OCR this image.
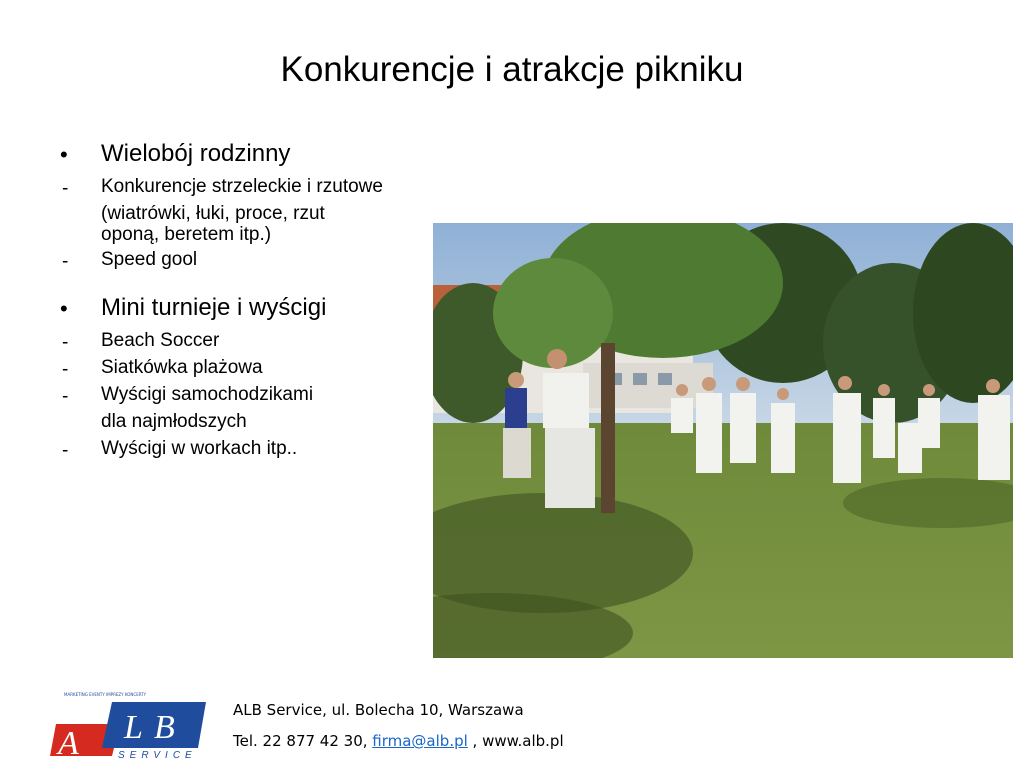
Konkurencje i atrakcje pikniku
• Wielobój rodzinny
- Konkurencje strzeleckie i rzutowe
(wiatrówki, łuki, proce, rzut
oponą, beretem itp.)
- Speed gool
• Mini turnieje i wyścigi
- Beach Soccer
- Siatkówka plażowa
- Wyścigi samochodzikami
dla najmłodszych
- Wyścigi w workach itp..
MARKETING EVENTY IMPREZY KONCERTY
A L B
SERVICE
ALB Service, ul. Bolecha 10, Warszawa
Tel. 22 877 42 30, firma@alb.pl , www.alb.pl
